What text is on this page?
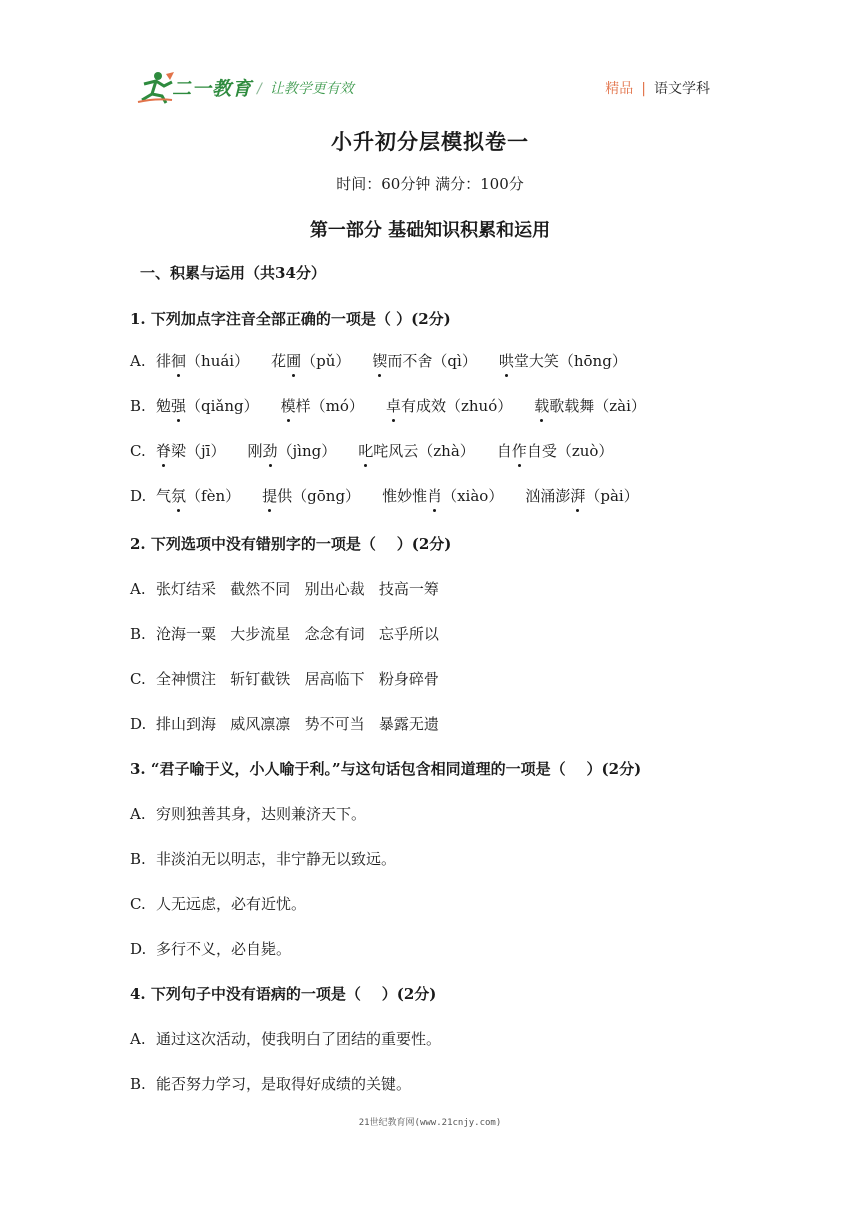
二一教育 / 让教学更有效	精品 | 语文学科
小升初分层模拟卷一
时间：60分钟 满分：100分
第一部分 基础知识积累和运用
一、积累与运用（共34分）
1. 下列加点字注音全部正确的一项是（ ）(2分)
A. 徘徊（huái） 花圃（pǔ） 锲而不舍（qì） 哄堂大笑（hōng）
B. 勉强（qiǎng） 模样（mó） 卓有成效（zhuó） 载歌载舞（zài）
C. 脊梁（jī） 刚劲（jìng） 叱咤风云（zhà） 自作自受（zuò）
D. 气氛（fèn） 提供（gōng） 惟妙惟肖（xiào） 汹涌澎湃（pài）
2. 下列选项中没有错别字的一项是（    ）(2分)
A. 张灯结采   截然不同   别出心裁   技高一筹
B. 沧海一粟   大步流星   念念有词   忘乎所以
C. 全神惯注   斩钉截铁   居高临下   粉身碎骨
D. 排山到海   威风凛凛   势不可当   暴露无遗
3. “君子喻于义，小人喻于利。”与这句话包含相同道理的一项是（    ）(2分)
A. 穷则独善其身，达则兼济天下。
B. 非淡泊无以明志，非宁静无以致远。
C. 人无远虑，必有近忧。
D. 多行不义，必自毙。
4. 下列句子中没有语病的一项是（    ）(2分)
A. 通过这次活动，使我明白了团结的重要性。
B. 能否努力学习，是取得好成绩的关键。
21世纪教育网(www.21cnjy.com)
